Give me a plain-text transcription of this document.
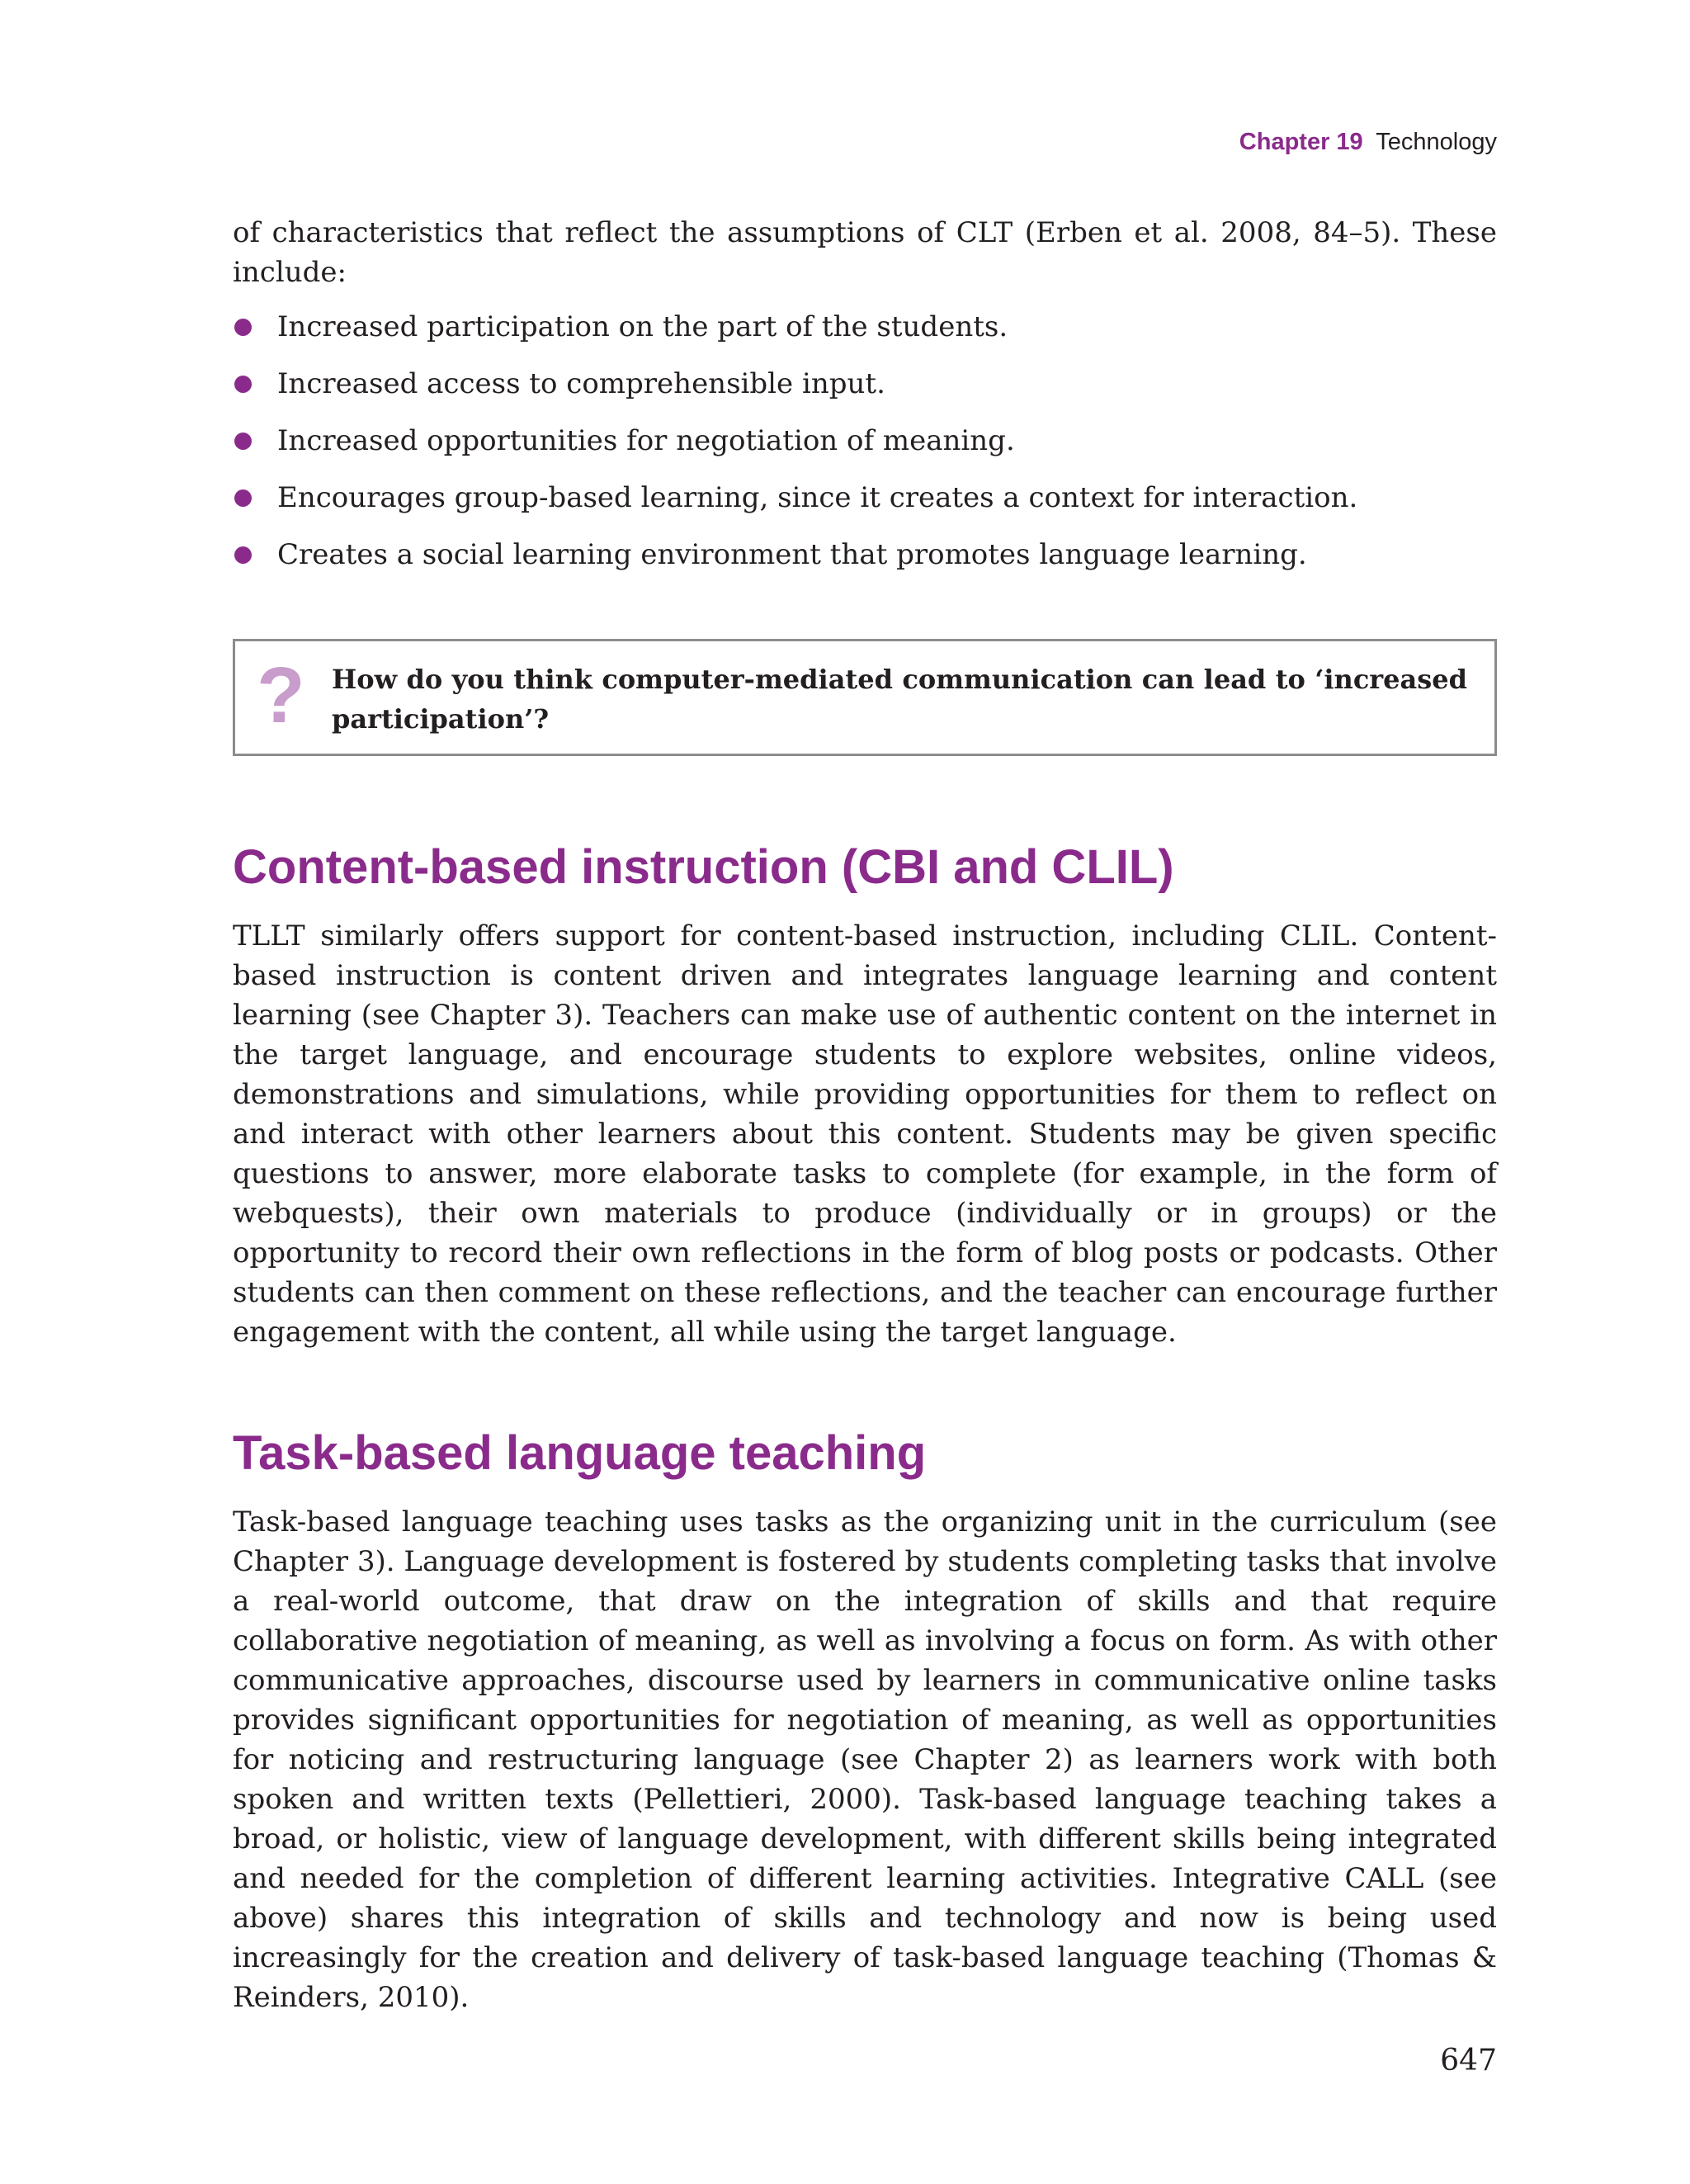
Chapter 19 Technology

of characteristics that reflect the assumptions of CLT (Erben et al. 2008, 84–5). These include:

Increased participation on the part of the students.
Increased access to comprehensible input.
Increased opportunities for negotiation of meaning.
Encourages group-based learning, since it creates a context for interaction.
Creates a social learning environment that promotes language learning.
? How do you think computer-mediated communication can lead to ‘increased participation’?

Content-based instruction (CBI and CLIL)

TLLT similarly offers support for content-based instruction, including CLIL. Content-based instruction is content driven and integrates language learning and content learning (see Chapter 3). Teachers can make use of authentic content on the internet in the target language, and encourage students to explore websites, online videos, demonstrations and simulations, while providing opportunities for them to reflect on and interact with other learners about this content. Students may be given specific questions to answer, more elaborate tasks to complete (for example, in the form of webquests), their own materials to produce (individually or in groups) or the opportunity to record their own reflections in the form of blog posts or podcasts. Other students can then comment on these reflections, and the teacher can encourage further engagement with the content, all while using the target language.

Task-based language teaching

Task-based language teaching uses tasks as the organizing unit in the curriculum (see Chapter 3). Language development is fostered by students completing tasks that involve a real-world outcome, that draw on the integration of skills and that require collaborative negotiation of meaning, as well as involving a focus on form. As with other communicative approaches, discourse used by learners in communicative online tasks provides significant opportunities for negotiation of meaning, as well as opportunities for noticing and restructuring language (see Chapter 2) as learners work with both spoken and written texts (Pellettieri, 2000). Task-based language teaching takes a broad, or holistic, view of language development, with different skills being integrated and needed for the completion of different learning activities. Integrative CALL (see above) shares this integration of skills and technology and now is being used increasingly for the creation and delivery of task-based language teaching (Thomas & Reinders, 2010).

647
